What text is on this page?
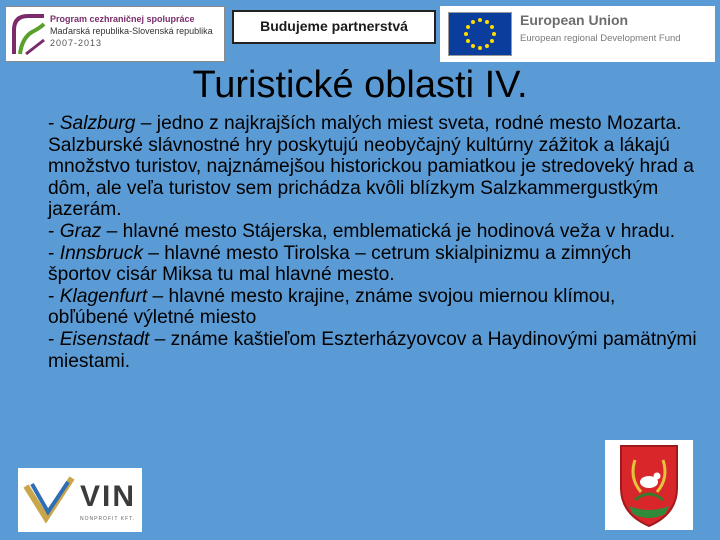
Program cezhraničnej spolupráce
Maďarská republika-Slovenská republika
2007-2013
Budujeme partnerstvá	European Union
European regional Development Fund
Turistické oblasti IV.

- Salzburg – jedno z najkrajších malých miest sveta, rodné mesto Mozarta. Salzburské slávnostné hry poskytujú neobyčajný kultúrny zážitok a lákajú množstvo turistov, najznámejšou historickou pamiatkou je stredoveký hrad a dôm, ale veľa turistov sem prichádza kvôli blízkym Salzkammergustkým jazerám.

- Graz – hlavné mesto Stájerska, emblematická je hodinová veža v hradu.

- Innsbruck – hlavné mesto Tirolska – cetrum skialpinizmu a zimných športov cisár Miksa tu mal hlavné mesto.

- Klagenfurt – hlavné mesto krajine, známe svojou miernou klímou, obľúbené výletné miesto

- Eisenstadt – známe kaštieľom Eszterházyovcov a Haydinovými pamätnými miestami.

VIN
NONPROFIT KFT.
